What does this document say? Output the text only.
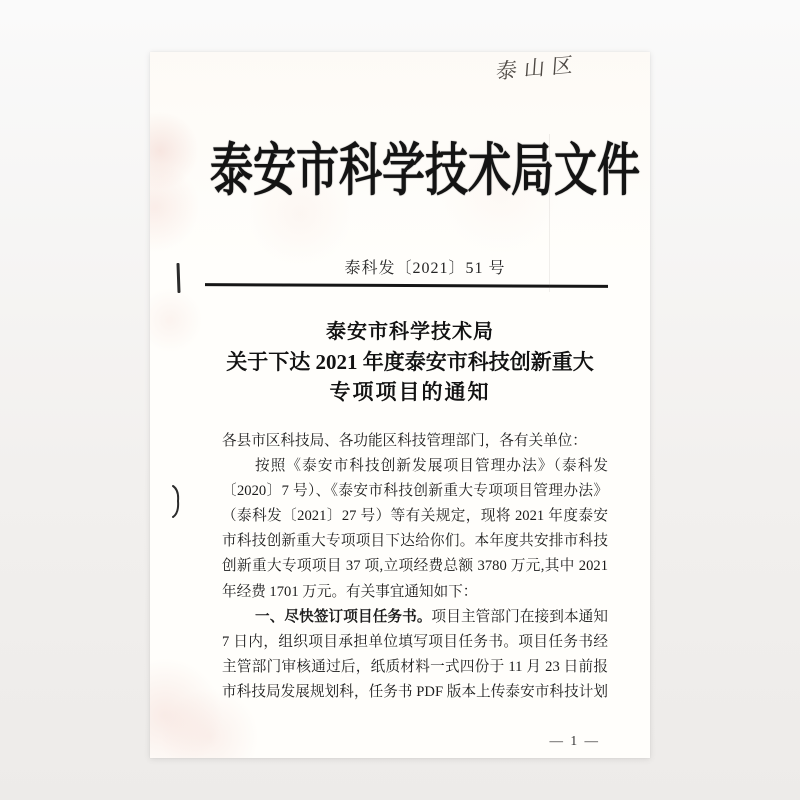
泰山区
泰安市科学技术局文件
泰科发〔2021〕51 号
泰安市科学技术局
关于下达 2021 年度泰安市科技创新重大
专项项目的通知
各县市区科技局、各功能区科技管理部门，各有关单位：
按照《泰安市科技创新发展项目管理办法》（泰科发
〔2020〕7 号）、《泰安市科技创新重大专项项目管理办法》
（泰科发〔2021〕27 号）等有关规定，现将 2021 年度泰安
市科技创新重大专项项目下达给你们。本年度共安排市科技
创新重大专项项目 37 项,立项经费总额 3780 万元,其中 2021
年经费 1701 万元。有关事宜通知如下：
一、尽快签订项目任务书。项目主管部门在接到本通知
7 日内，组织项目承担单位填写项目任务书。项目任务书经
主管部门审核通过后，纸质材料一式四份于 11 月 23 日前报
市科技局发展规划科，任务书 PDF 版本上传泰安市科技计划
— 1 —
